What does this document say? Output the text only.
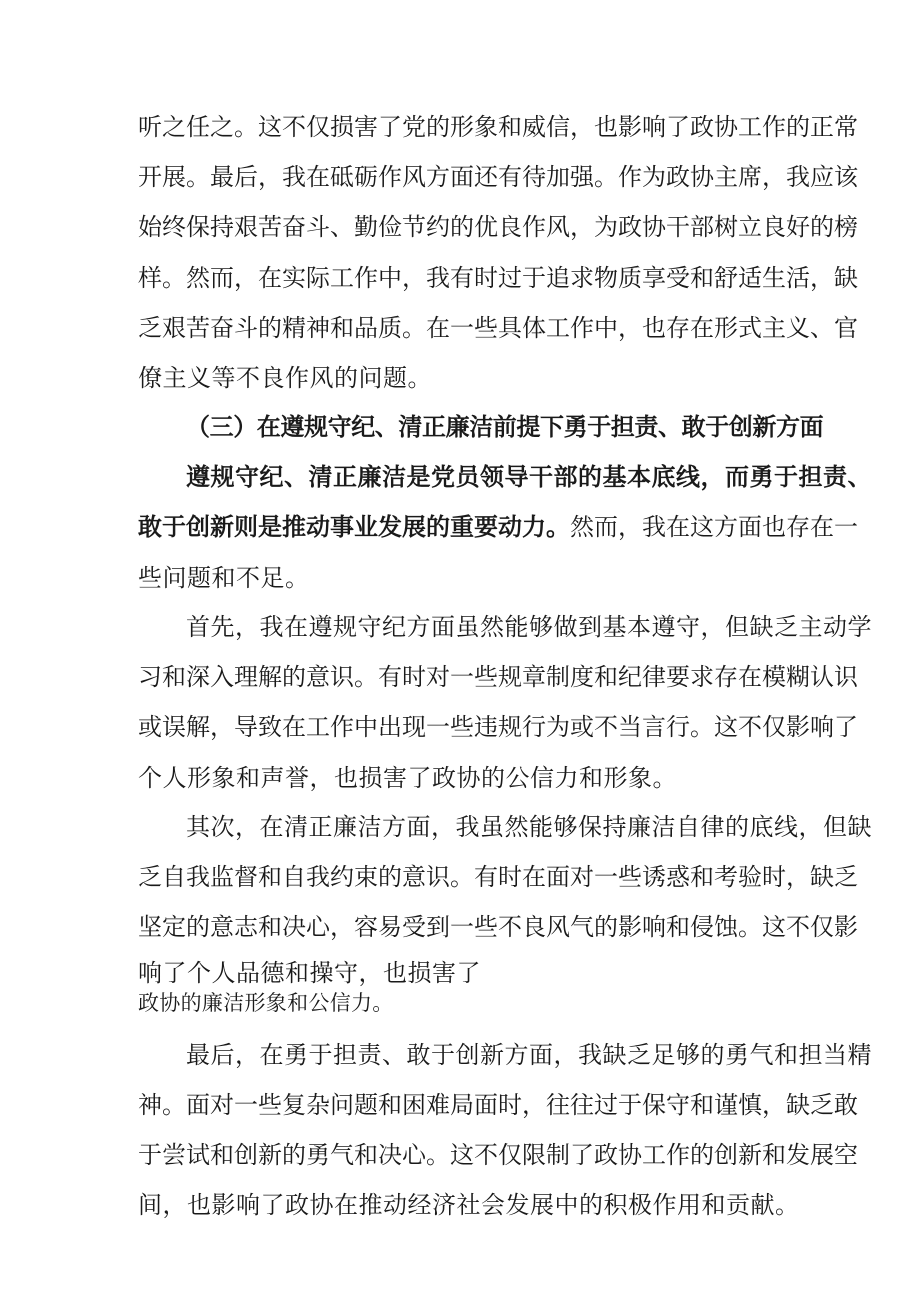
听 之 任 之 。 这 不 仅 损 害 了 党 的 形 象 和 威 信 ， 也 影 响 了 政 协 工 作 的 正 常
开 展 。 最 后 ， 我 在 砥 砺 作 风 方 面 还 有 待 加 强 。 作 为 政 协 主 席 ， 我 应 该
始 终 保 持 艰 苦 奋 斗 、 勤 俭 节 约 的 优 良 作 风 ， 为 政 协 干 部 树 立 良 好 的 榜
样 。 然 而 ， 在 实 际 工 作 中 ， 我 有 时 过 于 追 求 物 质 享 受 和 舒 适 生 活 ， 缺
乏 艰 苦 奋 斗 的 精 神 和 品 质 。 在 一 些 具 体 工 作 中 ， 也 存 在 形 式 主 义 、 官
僚主义等不良作风的问题。
（三）在遵规守纪、清正廉洁前提下勇于担责、敢于创新方面
遵规守纪、清正廉洁是党员领导干部的基本底线，而勇于担责、
敢于创新则是推动事业发展的重要动力。然而，我在这方面也存在一
些问题和不足。
首先，我在遵规守纪方面虽然能够做到基本遵守，但缺乏主动学
习 和 深 入 理 解 的 意 识 。 有 时 对 一 些 规 章 制 度 和 纪 律 要 求 存 在 模 糊 认 识
或 误 解 ， 导 致 在 工 作 中 出 现 一 些 违 规 行 为 或 不 当 言 行 。 这 不 仅 影 响 了
个人形象和声誉，也损害了政协的公信力和形象。
其次，在清正廉洁方面，我虽然能够保持廉洁自律的底线，但缺
乏 自 我 监 督 和 自 我 约 束 的 意 识 。 有 时 在 面 对 一 些 诱 惑 和 考 验 时 ， 缺 乏
坚 定 的 意 志 和 决 心 ， 容 易 受 到 一 些 不 良 风 气 的 影 响 和 侵 蚀 。 这 不 仅 影
响了个人品德和操守，也损害了
政协的廉洁形象和公信力。
最后，在勇于担责、敢于创新方面，我缺乏足够的勇气和担当精
神 。 面 对 一 些 复 杂 问 题 和 困 难 局 面 时 ， 往 往 过 于 保 守 和 谨 慎 ， 缺 乏 敢
于 尝 试 和 创 新 的 勇 气 和 决 心 。 这 不 仅 限 制 了 政 协 工 作 的 创 新 和 发 展 空
间，也影响了政协在推动经济社会发展中的积极作用和贡献。
